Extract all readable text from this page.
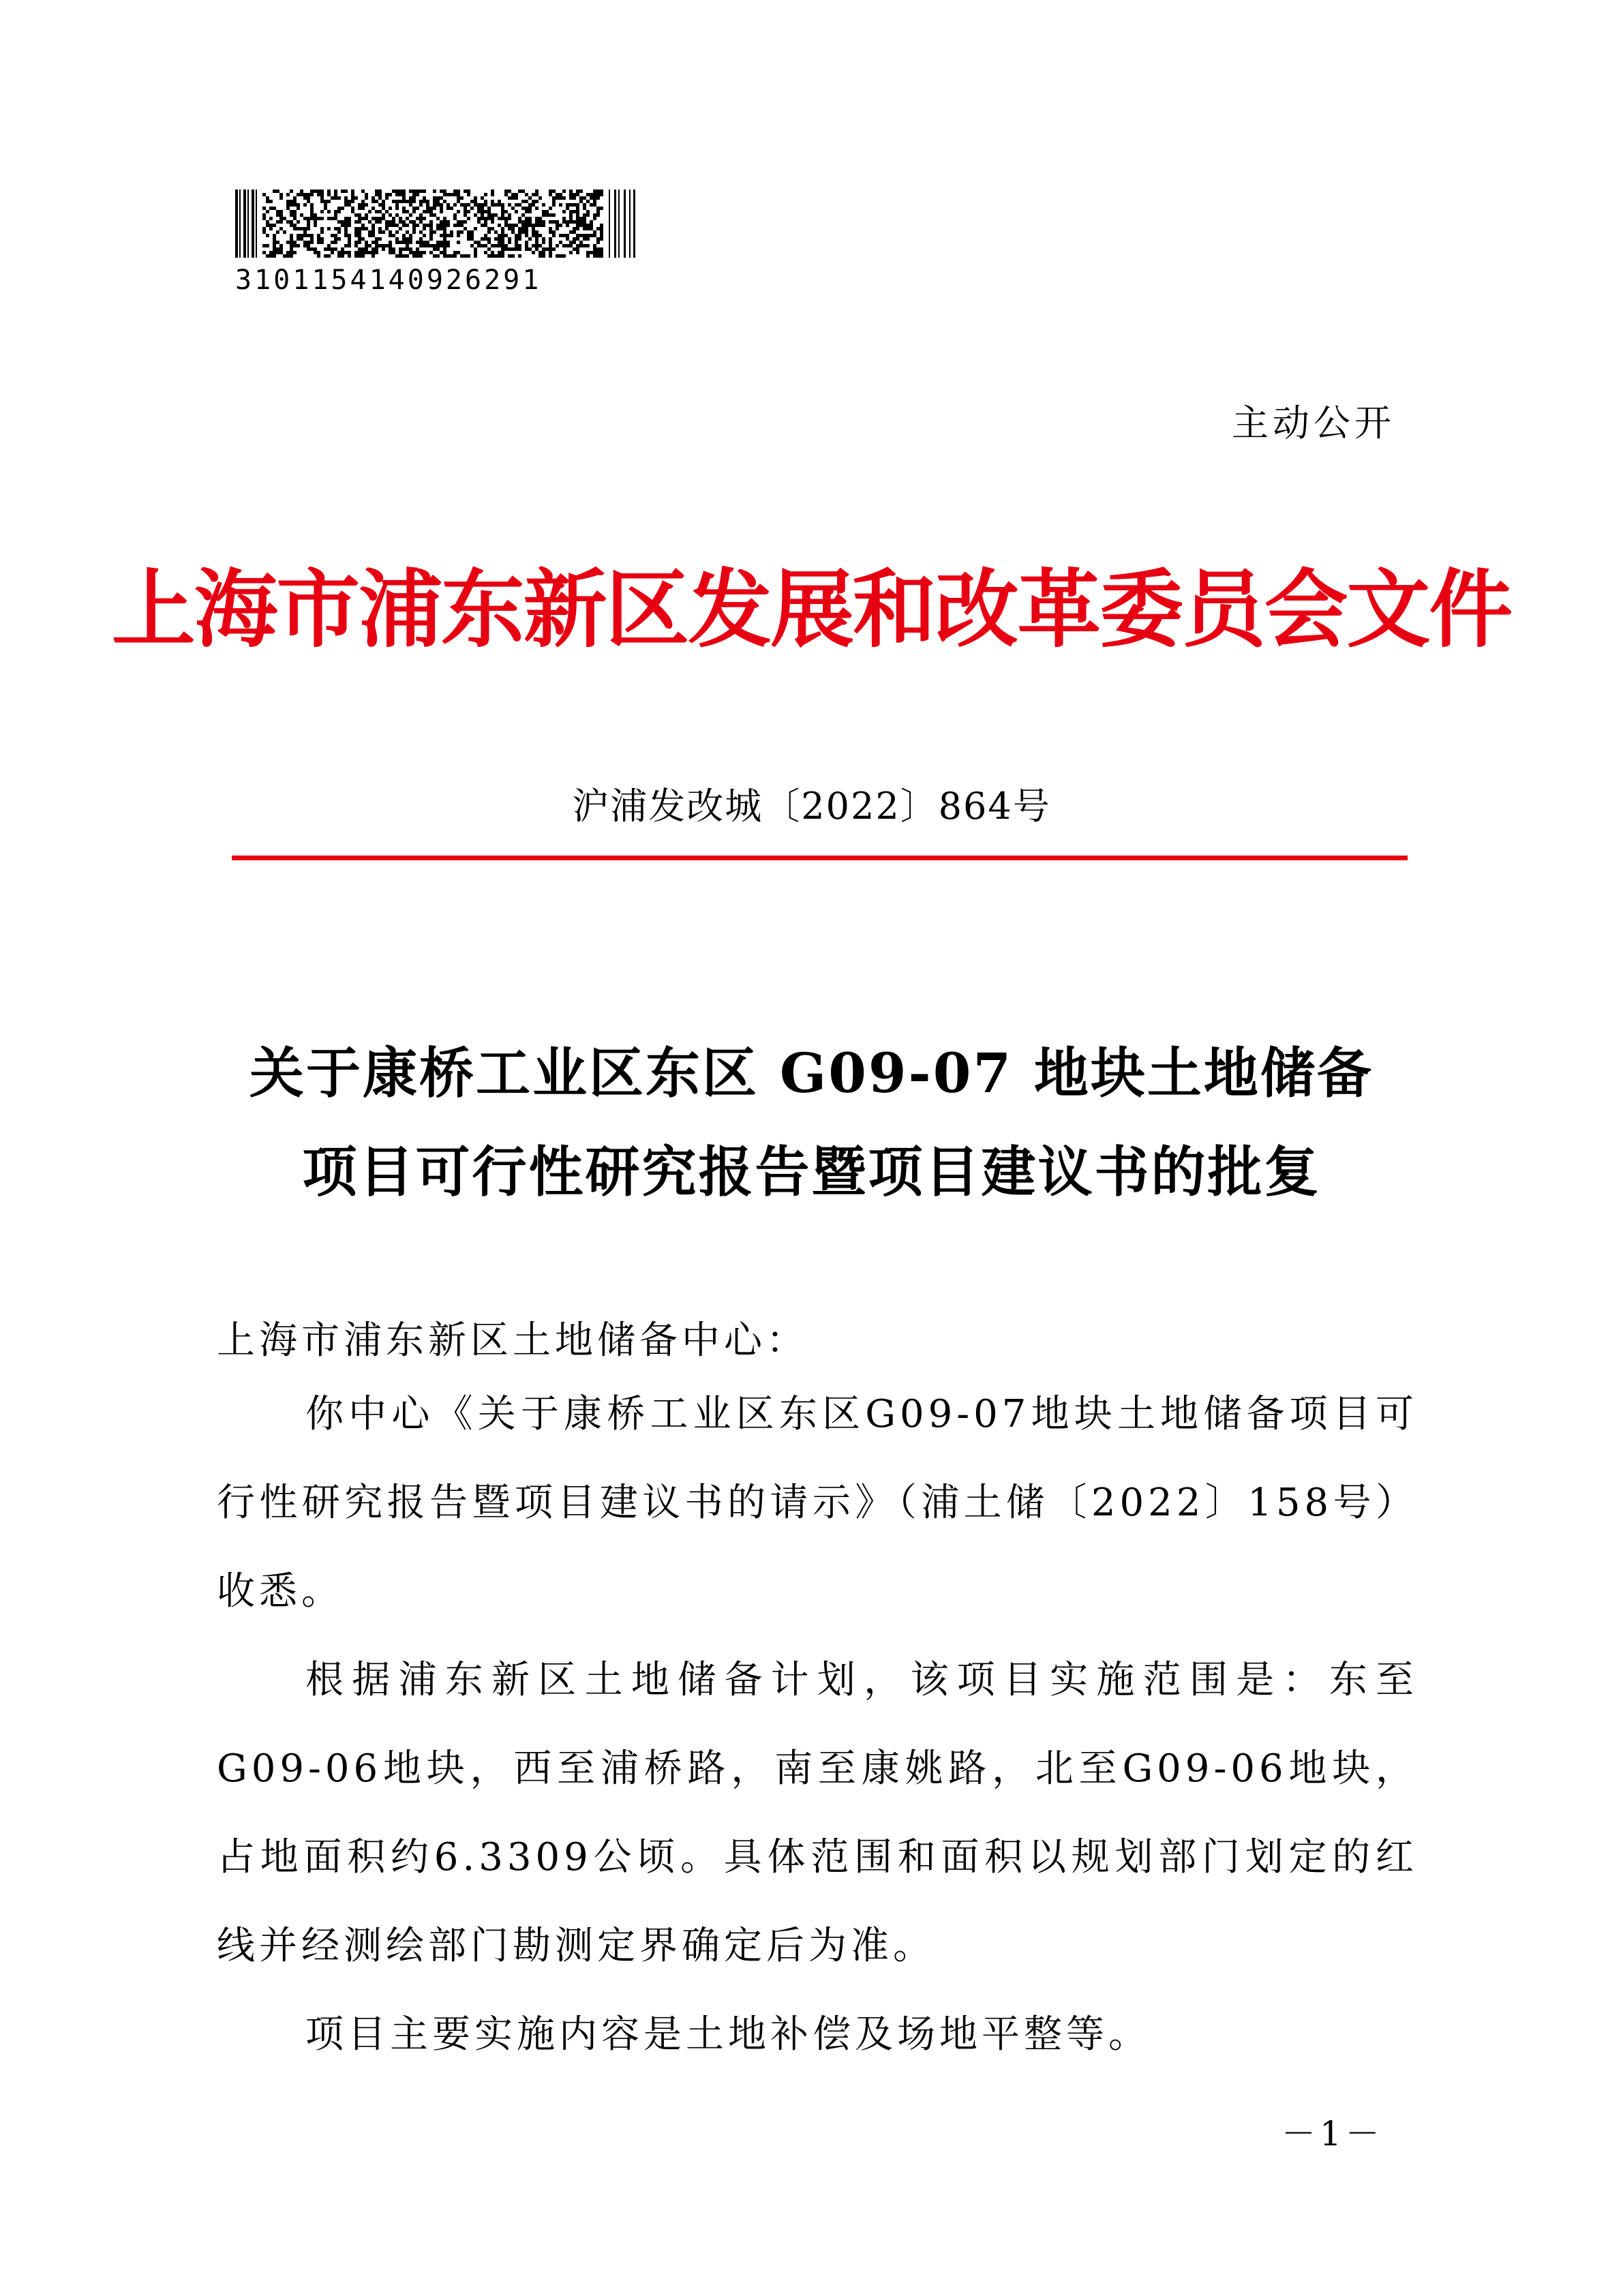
3101154140926291
主动公开
上海市浦东新区发展和改革委员会文件
沪浦发改城〔2022〕864号
关于康桥工业区东区 G09-07 地块土地储备
项目可行性研究报告暨项目建议书的批复
上海市浦东新区土地储备中心：

你中心《关于康桥工业区东区G09-07地块土地储备项目可行性研究报告暨项目建议书的请示》（浦土储〔2022〕158号）收悉。

根据浦东新区土地储备计划，该项目实施范围是：东至G09-06地块，西至浦桥路，南至康姚路，北至G09-06地块，占地面积约6.3309公顷。具体范围和面积以规划部门划定的红线并经测绘部门勘测定界确定后为准。

项目主要实施内容是土地补偿及场地平整等。

－1－
